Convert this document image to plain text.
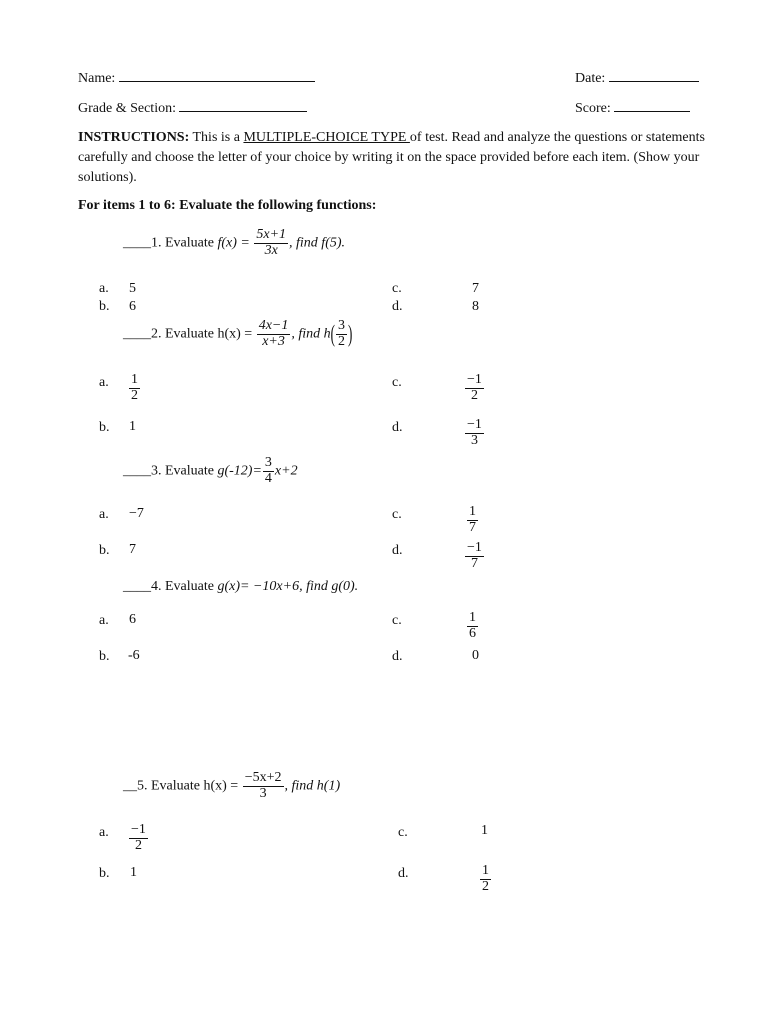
Name:	Date:
Grade & Section:	Score:
INSTRUCTIONS: This is a MULTIPLE-CHOICE TYPE of test. Read and analyze the questions or statements carefully and choose the letter of your choice by writing it on the space provided before each item. (Show your solutions).
For items 1 to 6: Evaluate the following functions:
____1. Evaluate $f(x) = \frac{5x+1}{3x}$ , find f(5).
a. 5	c.	7
b. 6	d.	8
____2. Evaluate $h(x) = \frac{4x-1}{x+3}$ , find $h( \frac{3}{2}$ )
a. $\frac{1}{2}$	c.	$\frac{-1}{2}$
b. 1	d.	$\frac{-1}{3}$
____3. Evaluate $g(-12)= \frac{3}{4} x+2$
a. −7	c.	$\frac{1}{7}$
b. 7	d.	$\frac{-1}{7}$
____4. Evaluate g(x)= −10x+6, find g(0).
a. 6	c.	$\frac{1}{6}$
b. -6	d.	0
__5. Evaluate $h(x) = \frac{-5x+2}{3}$ , find h(1)
a. $\frac{-1}{2}$	c.	1
b. 1	d.	$\frac{1}{2}$
